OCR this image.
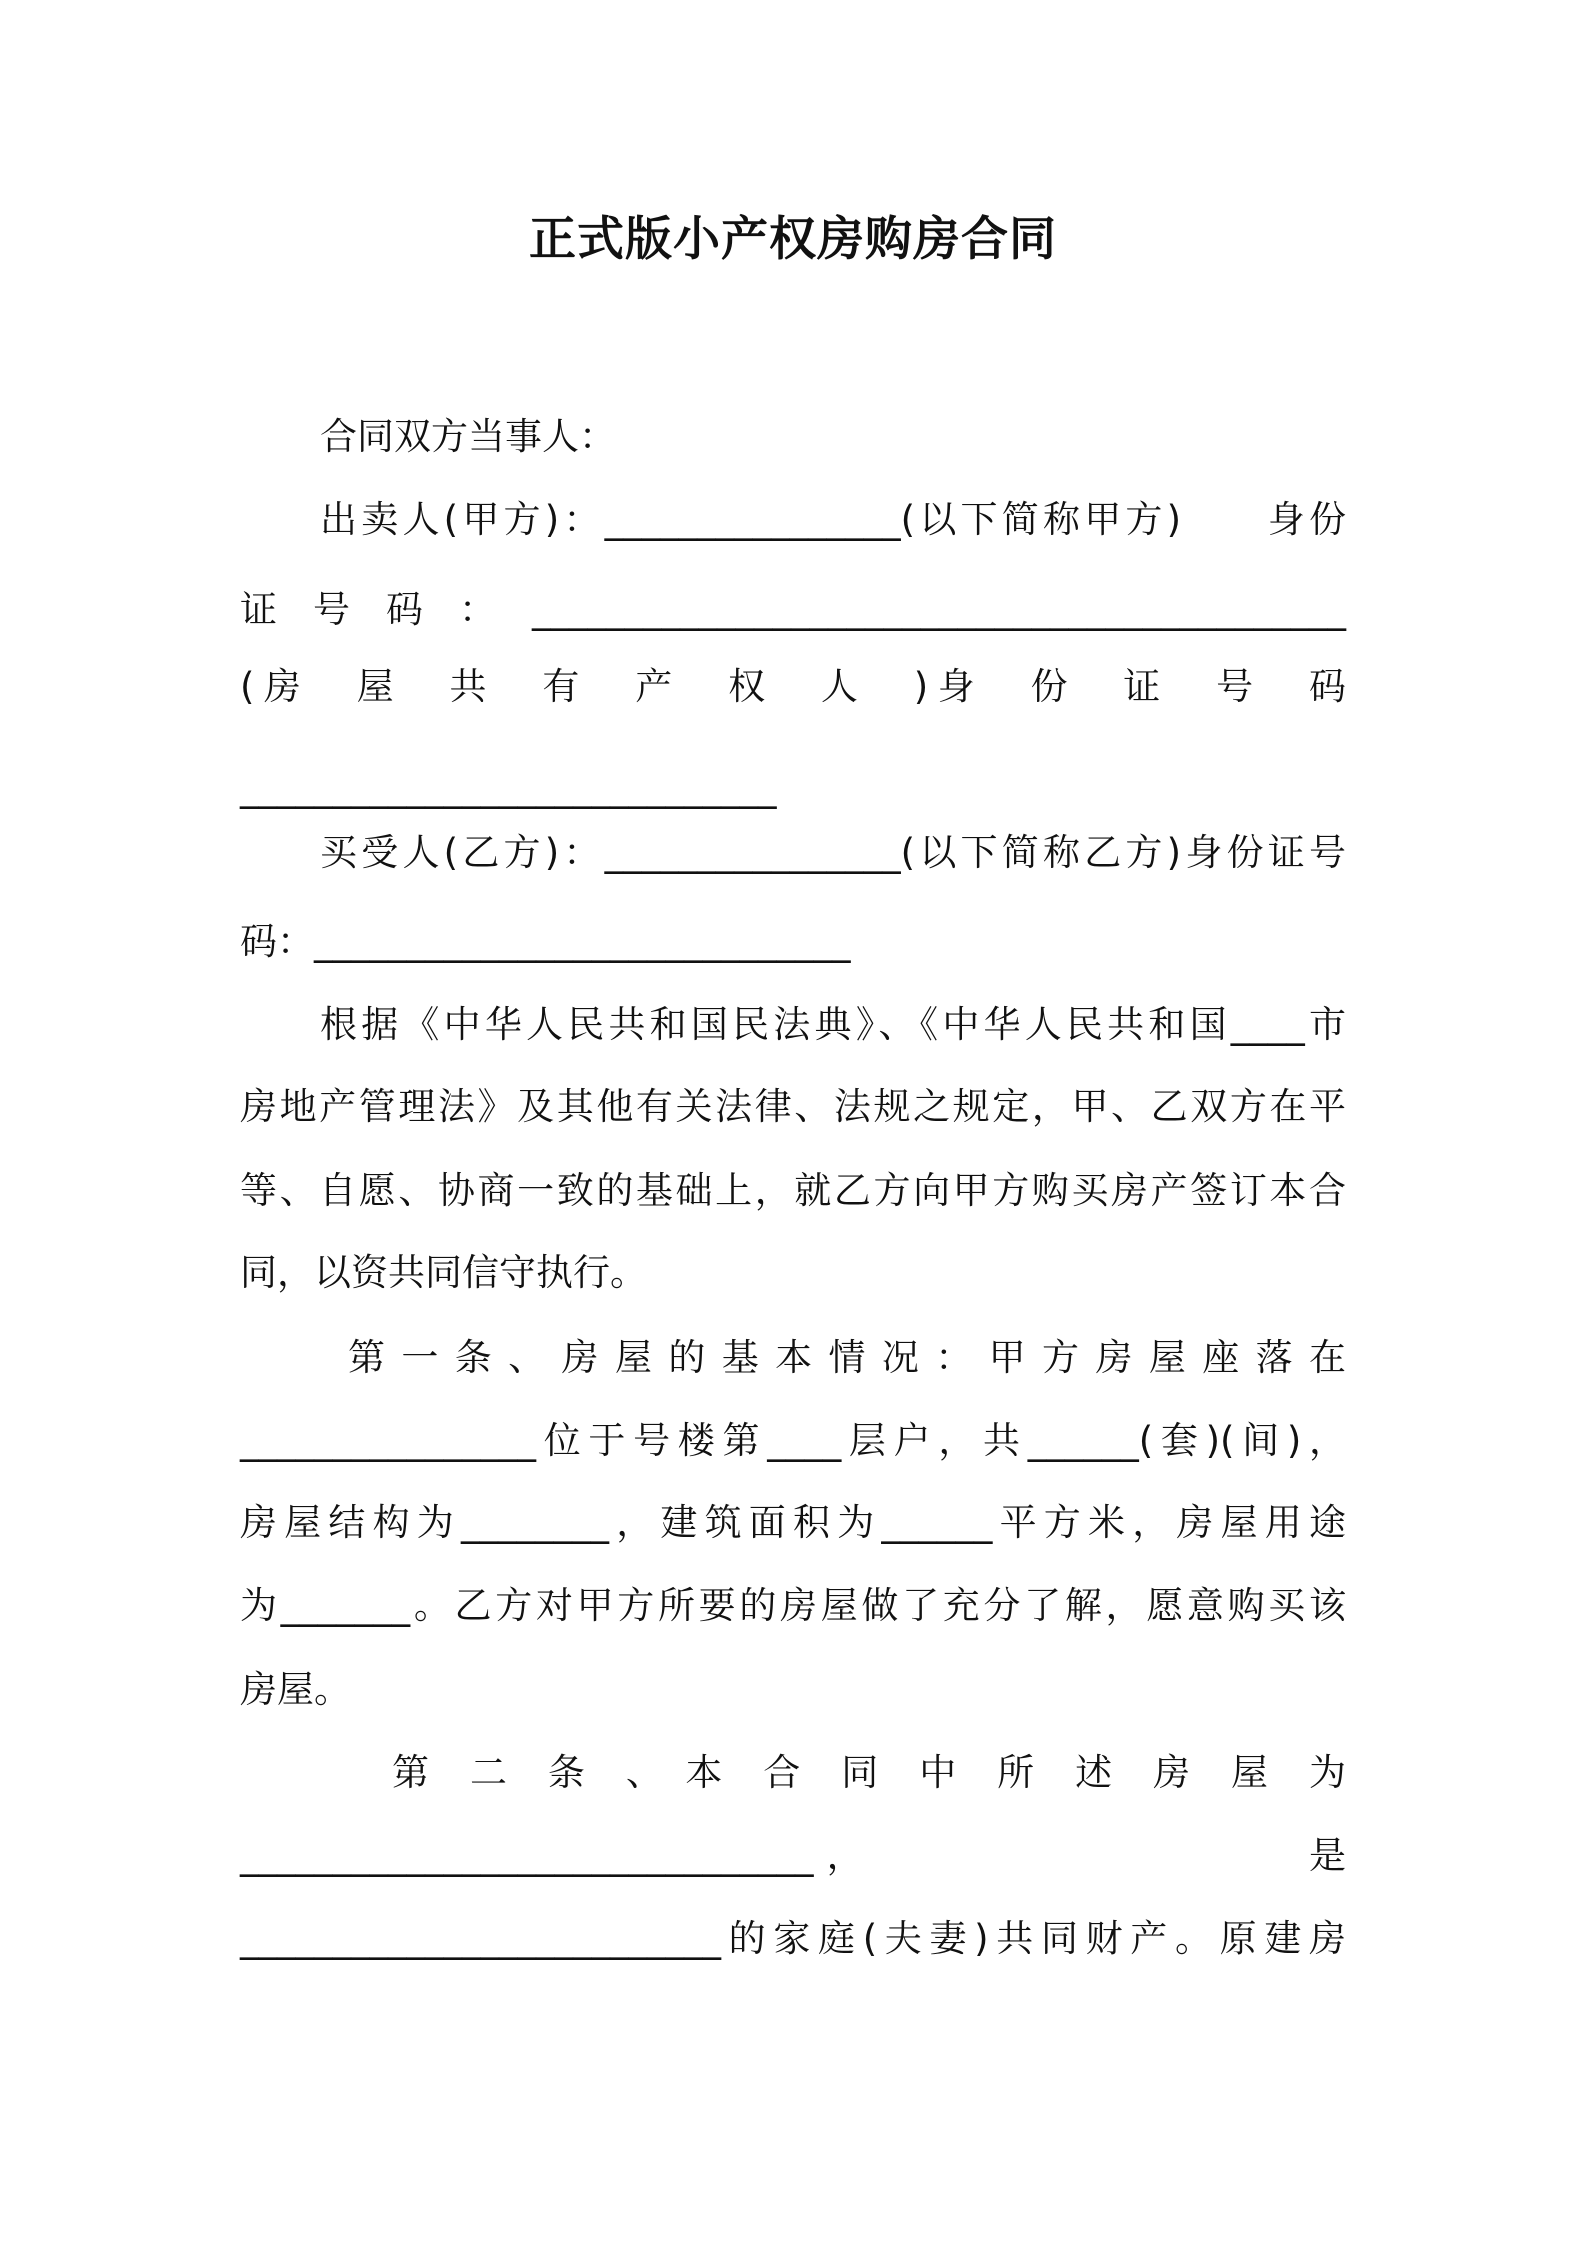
正式版小产权房购房合同
合同双方当事人：
出卖人(甲方)：________________(以下简称甲方)　　身份
证号码：____________________________________________
(房　屋　共　有　产　权　人　)身　份　证　号　码
_____________________________
买受人(乙方)：________________(以下简称乙方)身份证号
码：_____________________________
根据《中华人民共和国民法典》、《中华人民共和国____市
房地产管理法》及其他有关法律、法规之规定，甲、乙双方在平
等、自愿、协商一致的基础上，就乙方向甲方购买房产签订本合
同，以资共同信守执行。
第 一 条 、 房 屋 的 基 本 情 况 ： 甲 方 房 屋 座 落 在
________________位于号楼第____层户，共______(套)(间)，
房屋结构为________，建筑面积为______平方米，房屋用途
为_______。乙方对甲方所要的房屋做了充分了解，愿意购买该
房屋。
第　二　条　、　本　合　同　中　所　述　房　屋　为
_______________________________，　　　　　　　　　是
__________________________的家庭(夫妻)共同财产。原建房
